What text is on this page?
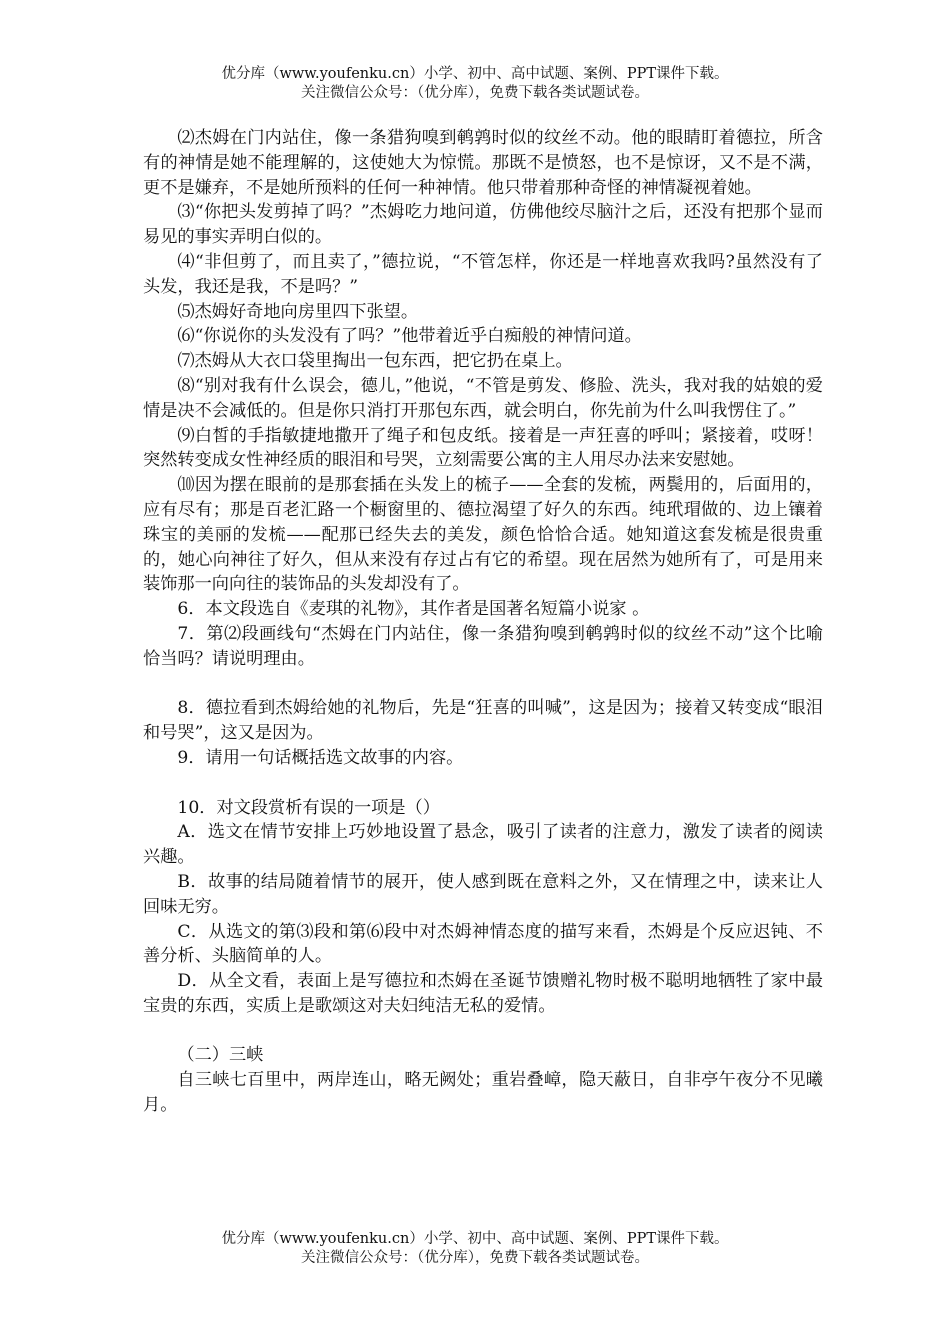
优分库（www.youfenku.cn）小学、初中、高中试题、案例、PPT课件下载。
关注微信公众号：（优分库），免费下载各类试题试卷。

⑵杰姆在门内站住，像一条猎狗嗅到鹌鹑时似的纹丝不动。他的眼睛盯着德拉，所含有的神情是她不能理解的，这使她大为惊慌。那既不是愤怒，也不是惊讶，又不是不满，更不是嫌弃，不是她所预料的任何一种神情。他只带着那种奇怪的神情凝视着她。

⑶“你把头发剪掉了吗？”杰姆吃力地问道，仿佛他绞尽脑汁之后，还没有把那个显而易见的事实弄明白似的。

⑷“非但剪了，而且卖了，”德拉说，“不管怎样，你还是一样地喜欢我吗?虽然没有了头发，我还是我，不是吗？”

⑸杰姆好奇地向房里四下张望。

⑹“你说你的头发没有了吗？”他带着近乎白痴般的神情问道。

⑺杰姆从大衣口袋里掏出一包东西，把它扔在桌上。

⑻“别对我有什么误会，德儿，”他说，“不管是剪发、修脸、洗头，我对我的姑娘的爱情是决不会减低的。但是你只消打开那包东西，就会明白，你先前为什么叫我愣住了。”

⑼白皙的手指敏捷地撒开了绳子和包皮纸。接着是一声狂喜的呼叫；紧接着，哎呀！突然转变成女性神经质的眼泪和号哭，立刻需要公寓的主人用尽办法来安慰她。

⑽因为摆在眼前的是那套插在头发上的梳子——全套的发梳，两鬓用的，后面用的，应有尽有；那是百老汇路一个橱窗里的、德拉渴望了好久的东西。纯玳瑁做的、边上镶着珠宝的美丽的发梳——配那已经失去的美发，颜色恰恰合适。她知道这套发梳是很贵重的，她心向神往了好久，但从来没有存过占有它的希望。现在居然为她所有了，可是用来装饰那一向向往的装饰品的头发却没有了。

6．本文段选自《麦琪的礼物》，其作者是国著名短篇小说家 。

7．第⑵段画线句“杰姆在门内站住，像一条猎狗嗅到鹌鹑时似的纹丝不动”这个比喻恰当吗？请说明理由。

8．德拉看到杰姆给她的礼物后，先是“狂喜的叫喊”，这是因为；接着又转变成“眼泪和号哭”，这又是因为。

9．请用一句话概括选文故事的内容。

10．对文段赏析有误的一项是（）

A．选文在情节安排上巧妙地设置了悬念，吸引了读者的注意力，激发了读者的阅读兴趣。

B．故事的结局随着情节的展开，使人感到既在意料之外，又在情理之中，读来让人回味无穷。

C．从选文的第⑶段和第⑹段中对杰姆神情态度的描写来看，杰姆是个反应迟钝、不善分析、头脑简单的人。

D．从全文看，表面上是写德拉和杰姆在圣诞节馈赠礼物时极不聪明地牺牲了家中最宝贵的东西，实质上是歌颂这对夫妇纯洁无私的爱情。

（二）三峡

自三峡七百里中，两岸连山，略无阙处；重岩叠嶂，隐天蔽日，自非亭午夜分不见曦月。

优分库（www.youfenku.cn）小学、初中、高中试题、案例、PPT课件下载。
关注微信公众号：（优分库），免费下载各类试题试卷。
